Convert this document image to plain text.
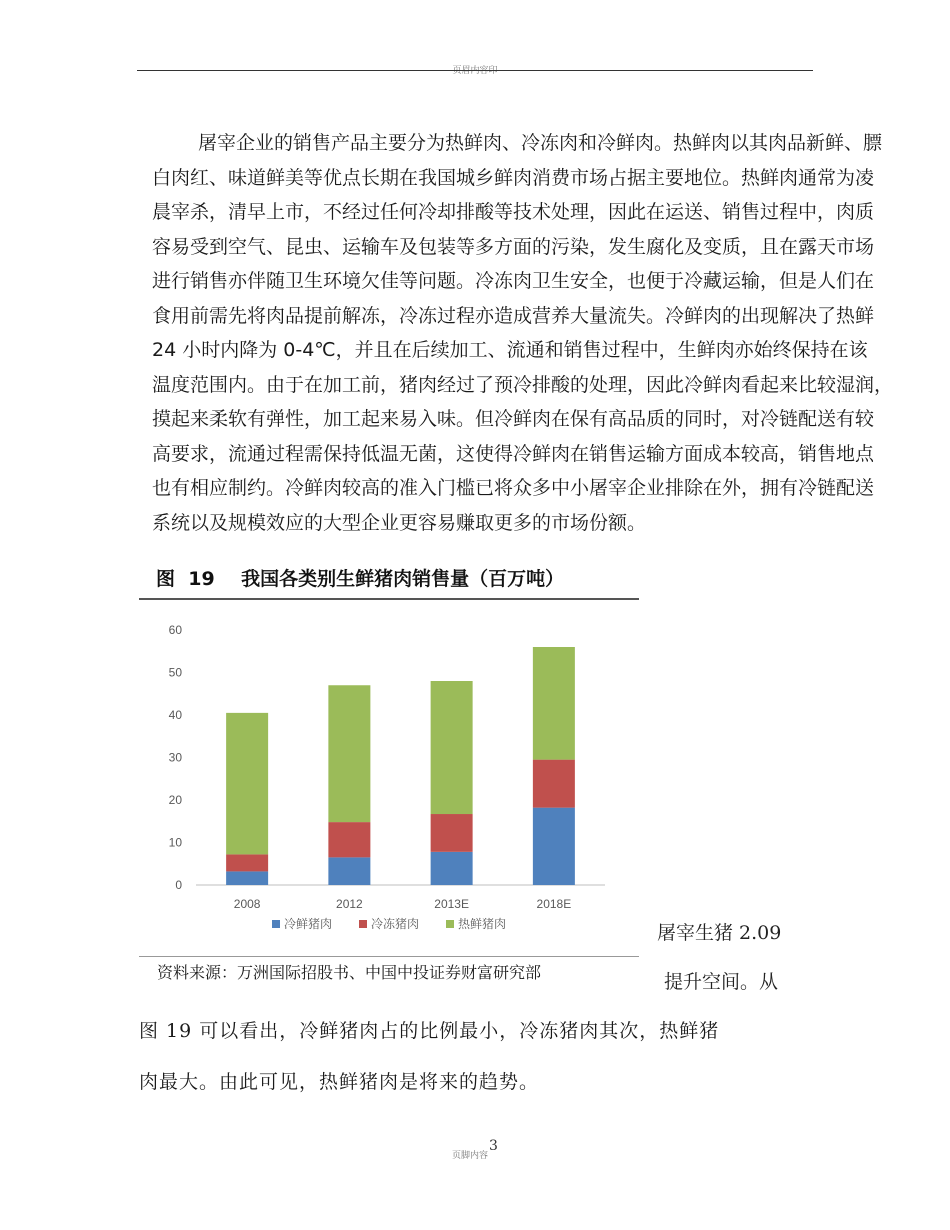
页眉内容印

屠宰企业的销售产品主要分为热鲜肉、冷冻肉和冷鲜肉。热鲜肉以其肉品新鲜、膘

白肉红、味道鲜美等优点长期在我国城乡鲜肉消费市场占据主要地位。热鲜肉通常为凌

晨宰杀，清早上市，不经过任何冷却排酸等技术处理，因此在运送、销售过程中，肉质

容易受到空气、昆虫、运输车及包装等多方面的污染，发生腐化及变质，且在露天市场

进行销售亦伴随卫生环境欠佳等问题。冷冻肉卫生安全，也便于冷藏运输，但是人们在

食用前需先将肉品提前解冻，冷冻过程亦造成营养大量流失。冷鲜肉的出现解决了热鲜

24 小时内降为 0-4℃，并且在后续加工、流通和销售过程中，生鲜肉亦始终保持在该

温度范围内。由于在加工前，猪肉经过了预冷排酸的处理，因此冷鲜肉看起来比较湿润，

摸起来柔软有弹性，加工起来易入味。但冷鲜肉在保有高品质的同时，对冷链配送有较

高要求，流通过程需保持低温无菌，这使得冷鲜肉在销售运输方面成本较高，销售地点

也有相应制约。冷鲜肉较高的准入门槛已将众多中小屠宰企业排除在外，拥有冷链配送

系统以及规模效应的大型企业更容易赚取更多的市场份额。

图  19    我国各类别生鲜猪肉销售量（百万吨）
0
10
20
30
40
50
60
2008	2012	2013E	2018E
冷鲜猪肉	冷冻猪肉	热鲜猪肉	屠宰生猪 2.09
资料来源：万洲国际招股书、中国中投证券财富研究部	提升空间。从
图 19 可以看出，冷鲜猪肉占的比例最小，冷冻猪肉其次，热鲜猪
肉最大。由此可见，热鲜猪肉是将来的趋势。
页脚内容
3
